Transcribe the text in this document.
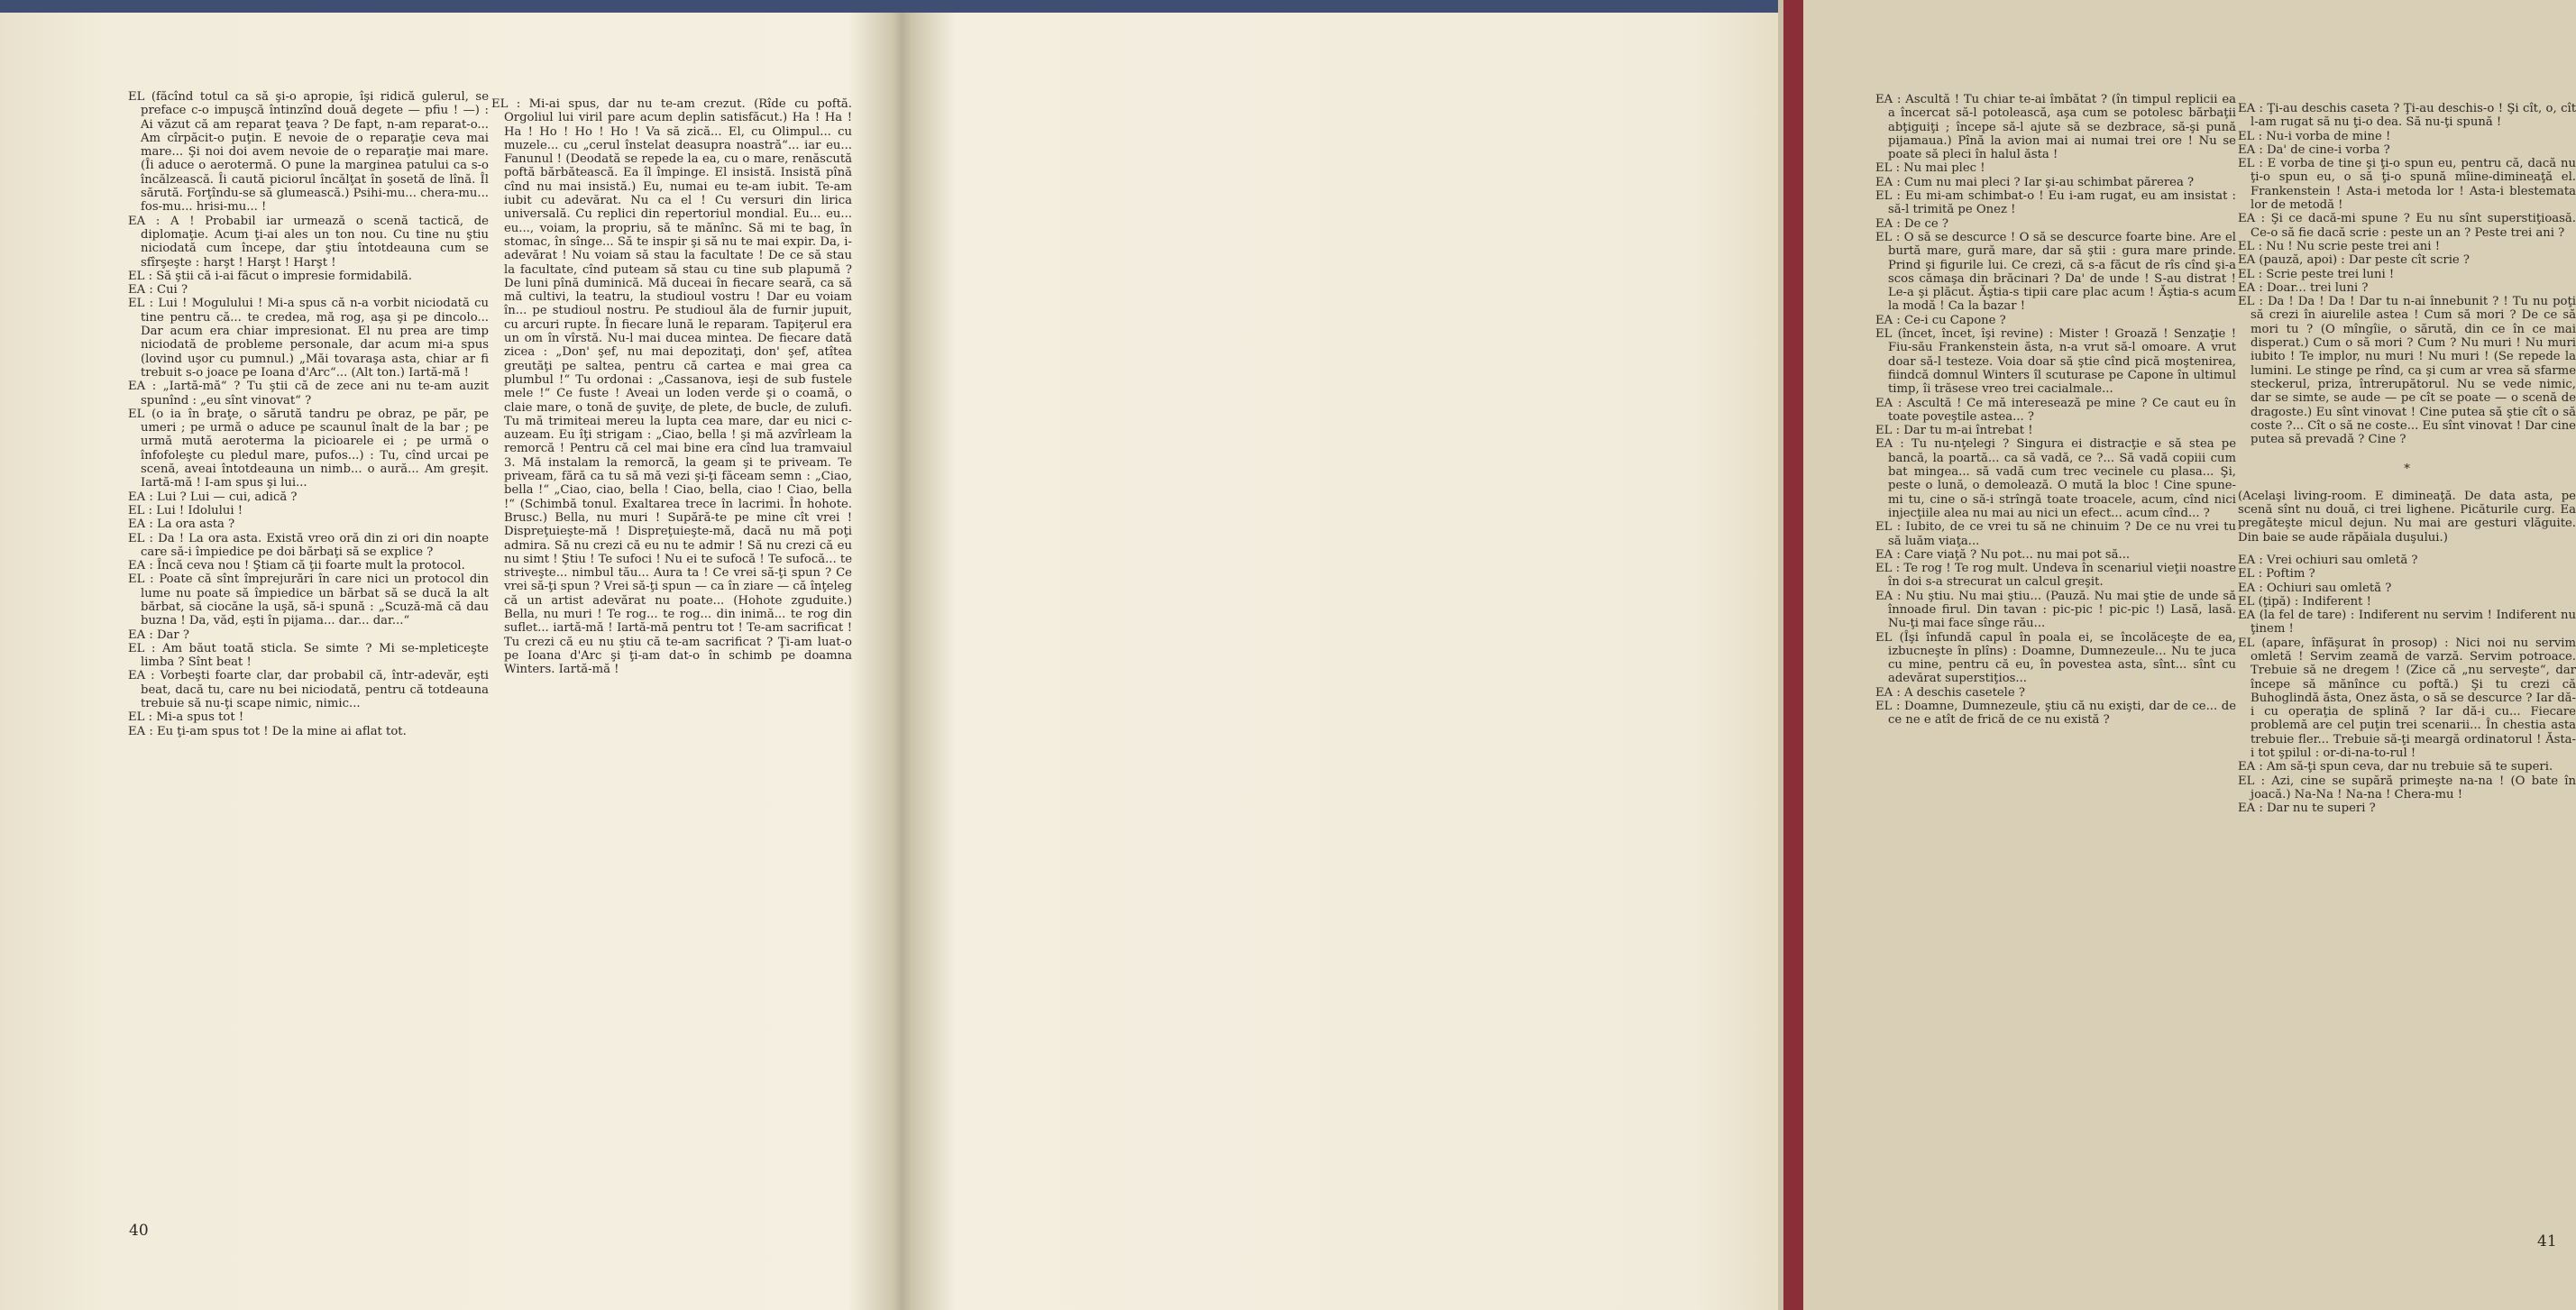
EL (făcînd totul ca să şi-o apropie, îşi ridică gulerul, se preface c-o impuşcă întinzînd două degete — pfiu ! —) : Ai văzut că am reparat ţeava ? De fapt, n-am reparat-o... Am cîrpăcit-o puţin. E nevoie de o reparaţie ceva mai mare... Şi noi doi avem nevoie de o reparaţie mai mare. (Îi aduce o aerotermă. O pune la marginea patului ca s-o încălzească. Îi caută piciorul încălţat în şosetă de lînă. Îl sărută. Forţîndu-se să glumească.) Psihi-mu... chera-mu... fos-mu... hrisi-mu... !

EA : A ! Probabil iar urmează o scenă tactică, de diplomaţie. Acum ţi-ai ales un ton nou. Cu tine nu ştiu niciodată cum începe, dar ştiu întotdeauna cum se sfîrşeşte : harşt ! Harşt ! Harşt !

EL : Să ştii că i-ai făcut o impresie formidabilă.

EA : Cui ?

EL : Lui ! Mogulului ! Mi-a spus că n-a vorbit niciodată cu tine pentru că... te credea, mă rog, aşa şi pe dincolo... Dar acum era chiar impresionat. El nu prea are timp niciodată de probleme personale, dar acum mi-a spus (lovind uşor cu pumnul.) „Măi tovaraşa asta, chiar ar fi trebuit s-o joace pe Ioana d'Arc“... (Alt ton.) Iartă-mă !

EA : „Iartă-mă“ ? Tu ştii că de zece ani nu te-am auzit spunînd : „eu sînt vinovat“ ?

EL (o ia în braţe, o sărută tandru pe obraz, pe păr, pe umeri ; pe urmă o aduce pe scaunul înalt de la bar ; pe urmă mută aeroterma la picioarele ei ; pe urmă o înfofoleşte cu pledul mare, pufos...) : Tu, cînd urcai pe scenă, aveai întotdeauna un nimb... o aură... Am greşit. Iartă-mă ! I-am spus şi lui...

EA : Lui ? Lui — cui, adică ?

EL : Lui ! Idolului !

EA : La ora asta ?

EL : Da ! La ora asta. Există vreo oră din zi ori din noapte care să-i împiedice pe doi bărbaţi să se explice ?

EA : Încă ceva nou ! Ştiam că ţii foarte mult la protocol.

EL : Poate că sînt împrejurări în care nici un protocol din lume nu poate să împiedice un bărbat să se ducă la alt bărbat, să ciocăne la uşă, să-i spună : „Scuză-mă că dau buzna ! Da, văd, eşti în pijama... dar... dar...“

EA : Dar ?

EL : Am băut toată sticla. Se simte ? Mi se-mpleticeşte limba ? Sînt beat !

EA : Vorbeşti foarte clar, dar probabil că, într-adevăr, eşti beat, dacă tu, care nu bei niciodată, pentru că totdeauna trebuie să nu-ţi scape nimic, nimic...

EL : Mi-a spus tot !

EA : Eu ţi-am spus tot ! De la mine ai aflat tot.

EL : Mi-ai spus, dar nu te-am crezut. (Rîde cu poftă. Orgoliul lui viril pare acum deplin satisfăcut.) Ha ! Ha ! Ha ! Ho ! Ho ! Ho ! Va să zică... El, cu Olimpul... cu muzele... cu „cerul înstelat deasupra noastră“... iar eu... Fanunul ! (Deodată se repede la ea, cu o mare, renăscută poftă bărbătească. Ea îl împinge. El insistă. Insistă pînă cînd nu mai insistă.) Eu, numai eu te-am iubit. Te-am iubit cu adevărat. Nu ca el ! Cu versuri din lirica universală. Cu replici din repertoriul mondial. Eu... eu... eu..., voiam, la propriu, să te mănînc. Să mi te bag, în stomac, în sînge... Să te inspir şi să nu te mai expir. Da, i-adevărat ! Nu voiam să stau la facultate ! De ce să stau la facultate, cînd puteam să stau cu tine sub plapumă ? De luni pînă duminică. Mă duceai în fiecare seară, ca să mă cultivi, la teatru, la studioul vostru ! Dar eu voiam în... pe studioul nostru. Pe studioul ăla de furnir jupuit, cu arcuri rupte. În fiecare lună le reparam. Tapiţerul era un om în vîrstă. Nu-l mai ducea mintea. De fiecare dată zicea : „Don' şef, nu mai depozitaţi, don' şef, atîtea greutăţi pe saltea, pentru că cartea e mai grea ca plumbul !“ Tu ordonai : „Cassanova, ieşi de sub fustele mele !“ Ce fuste ! Aveai un loden verde şi o coamă, o claie mare, o tonă de şuviţe, de plete, de bucle, de zulufi. Tu mă trimiteai mereu la lupta cea mare, dar eu nici c-auzeam. Eu îţi strigam : „Ciao, bella ! şi mă azvîrleam la remorcă ! Pentru că cel mai bine era cînd lua tramvaiul 3. Mă instalam la remorcă, la geam şi te priveam. Te priveam, fără ca tu să mă vezi şi-ţi făceam semn : „Ciao, bella !“ „Ciao, ciao, bella ! Ciao, bella, ciao ! Ciao, bella !“ (Schimbă tonul. Exaltarea trece în lacrimi. În hohote. Brusc.) Bella, nu muri ! Supără-te pe mine cît vrei ! Dispreţuieşte-mă ! Dispreţuieşte-mă, dacă nu mă poţi admira. Să nu crezi că eu nu te admir ! Să nu crezi că eu nu simt ! Ştiu ! Te sufoci ! Nu ei te sufocă ! Te sufocă... te striveşte... nimbul tău... Aura ta ! Ce vrei să-ţi spun ? Ce vrei să-ţi spun ? Vrei să-ţi spun — ca în ziare — că înţeleg că un artist adevărat nu poate... (Hohote zguduite.) Bella, nu muri ! Te rog... te rog... din inimă... te rog din suflet... iartă-mă ! Iartă-mă pentru tot ! Te-am sacrificat ! Tu crezi că eu nu ştiu că te-am sacrificat ? Ţi-am luat-o pe Ioana d'Arc şi ţi-am dat-o în schimb pe doamna Winters. Iartă-mă !

40

EA : Ascultă ! Tu chiar te-ai îmbătat ? (în timpul replicii ea a încercat să-l potolească, aşa cum se potolesc bărbaţii abţiguiţi ; începe să-l ajute să se dezbrace, să-şi pună pijamaua.) Pînă la avion mai ai numai trei ore ! Nu se poate să pleci în halul ăsta !

EL : Nu mai plec !

EA : Cum nu mai pleci ? Iar şi-au schimbat părerea ?

EL : Eu mi-am schimbat-o ! Eu i-am rugat, eu am insistat : să-l trimită pe Onez !

EA : De ce ?

EL : O să se descurce ! O să se descurce foarte bine. Are el burtă mare, gură mare, dar să ştii : gura mare prinde. Prind şi figurile lui. Ce crezi, că s-a făcut de rîs cînd şi-a scos cămaşa din brăcinari ? Da' de unde ! S-au distrat ! Le-a şi plăcut. Ăştia-s tipii care plac acum ! Ăştia-s acum la modă ! Ca la bazar !

EA : Ce-i cu Capone ?

EL (încet, încet, îşi revine) : Mister ! Groază ! Senzaţie ! Fiu-său Frankenstein ăsta, n-a vrut să-l omoare. A vrut doar să-l testeze. Voia doar să ştie cînd pică moştenirea, fiindcă domnul Winters îl scuturase pe Capone în ultimul timp, îi trăsese vreo trei cacialmale...

EA : Ascultă ! Ce mă interesează pe mine ? Ce caut eu în toate poveştile astea... ?

EL : Dar tu m-ai întrebat !

EA : Tu nu-nţelegi ? Singura ei distracţie e să stea pe bancă, la poartă... ca să vadă, ce ?... Să vadă copiii cum bat mingea... să vadă cum trec vecinele cu plasa... Şi, peste o lună, o demolează. O mută la bloc ! Cine spune-mi tu, cine o să-i strîngă toate troacele, acum, cînd nici injecţiile alea nu mai au nici un efect... acum cînd... ?

EL : Iubito, de ce vrei tu să ne chinuim ? De ce nu vrei tu să luăm viaţa...

EA : Care viaţă ? Nu pot... nu mai pot să...

EL : Te rog ! Te rog mult. Undeva în scenariul vieţii noastre în doi s-a strecurat un calcul greşit.

EA : Nu ştiu. Nu mai ştiu... (Pauză. Nu mai ştie de unde să înnoade firul. Din tavan : pic-pic ! pic-pic !) Lasă, lasă. Nu-ţi mai face sînge rău...

EL (Îşi înfundă capul în poala ei, se încolăceşte de ea, izbucneşte în plîns) : Doamne, Dumnezeule... Nu te juca cu mine, pentru că eu, în povestea asta, sînt... sînt cu adevărat superstiţios...

EA : A deschis casetele ?

EL : Doamne, Dumnezeule, ştiu că nu exişti, dar de ce... de ce ne e atît de frică de ce nu există ?

EA : Ţi-au deschis caseta ? Ţi-au deschis-o ! Şi cît, o, cît l-am rugat să nu ţi-o dea. Să nu-ţi spună !

EL : Nu-i vorba de mine !

EA : Da' de cine-i vorba ?

EL : E vorba de tine şi ţi-o spun eu, pentru că, dacă nu ţi-o spun eu, o să ţi-o spună mîine-dimineaţă el. Frankenstein ! Asta-i metoda lor ! Asta-i blestemata lor de metodă !

EA : Şi ce dacă-mi spune ? Eu nu sînt superstiţioasă. Ce-o să fie dacă scrie : peste un an ? Peste trei ani ?

EL : Nu ! Nu scrie peste trei ani !

EA (pauză, apoi) : Dar peste cît scrie ?

EL : Scrie peste trei luni !

EA : Doar... trei luni ?

EL : Da ! Da ! Da ! Dar tu n-ai înnebunit ? ! Tu nu poţi să crezi în aiurelile astea ! Cum să mori ? De ce să mori tu ? (O mîngîie, o sărută, din ce în ce mai disperat.) Cum o să mori ? Cum ? Nu muri ! Nu muri iubito ! Te implor, nu muri ! Nu muri ! (Se repede la lumini. Le stinge pe rînd, ca şi cum ar vrea să sfarme steckerul, priza, întrerupătorul. Nu se vede nimic, dar se simte, se aude — pe cît se poate — o scenă de dragoste.) Eu sînt vinovat ! Cine putea să ştie cît o să coste ?... Cît o să ne coste... Eu sînt vinovat ! Dar cine putea să prevadă ? Cine ?

*

(Acelaşi living-room. E dimineaţă. De data asta, pe scenă sînt nu două, ci trei lighene. Picăturile curg. Ea pregăteşte micul dejun. Nu mai are gesturi vlăguite. Din baie se aude răpăiala duşului.)

EA : Vrei ochiuri sau omletă ?

EL : Poftim ?

EA : Ochiuri sau omletă ?

EL (ţipă) : Indiferent !

EA (la fel de tare) : Indiferent nu servim ! Indiferent nu ţinem !

EL (apare, înfăşurat în prosop) : Nici noi nu servim omletă ! Servim zeamă de varză. Servim potroace. Trebuie să ne dregem ! (Zice că „nu serveşte“, dar începe să mănînce cu poftă.) Şi tu crezi că Buhoglindă ăsta, Onez ăsta, o să se descurce ? Iar dă-i cu operaţia de splină ? Iar dă-i cu... Fiecare problemă are cel puţin trei scenarii... În chestia asta trebuie fler... Trebuie să-ţi meargă ordinatorul ! Ăsta-i tot şpilul : or-di-na-to-rul !

EA : Am să-ţi spun ceva, dar nu trebuie să te superi.

EL : Azi, cine se supără primeşte na-na ! (O bate în joacă.) Na-Na ! Na-na ! Chera-mu !

EA : Dar nu te superi ?

41
